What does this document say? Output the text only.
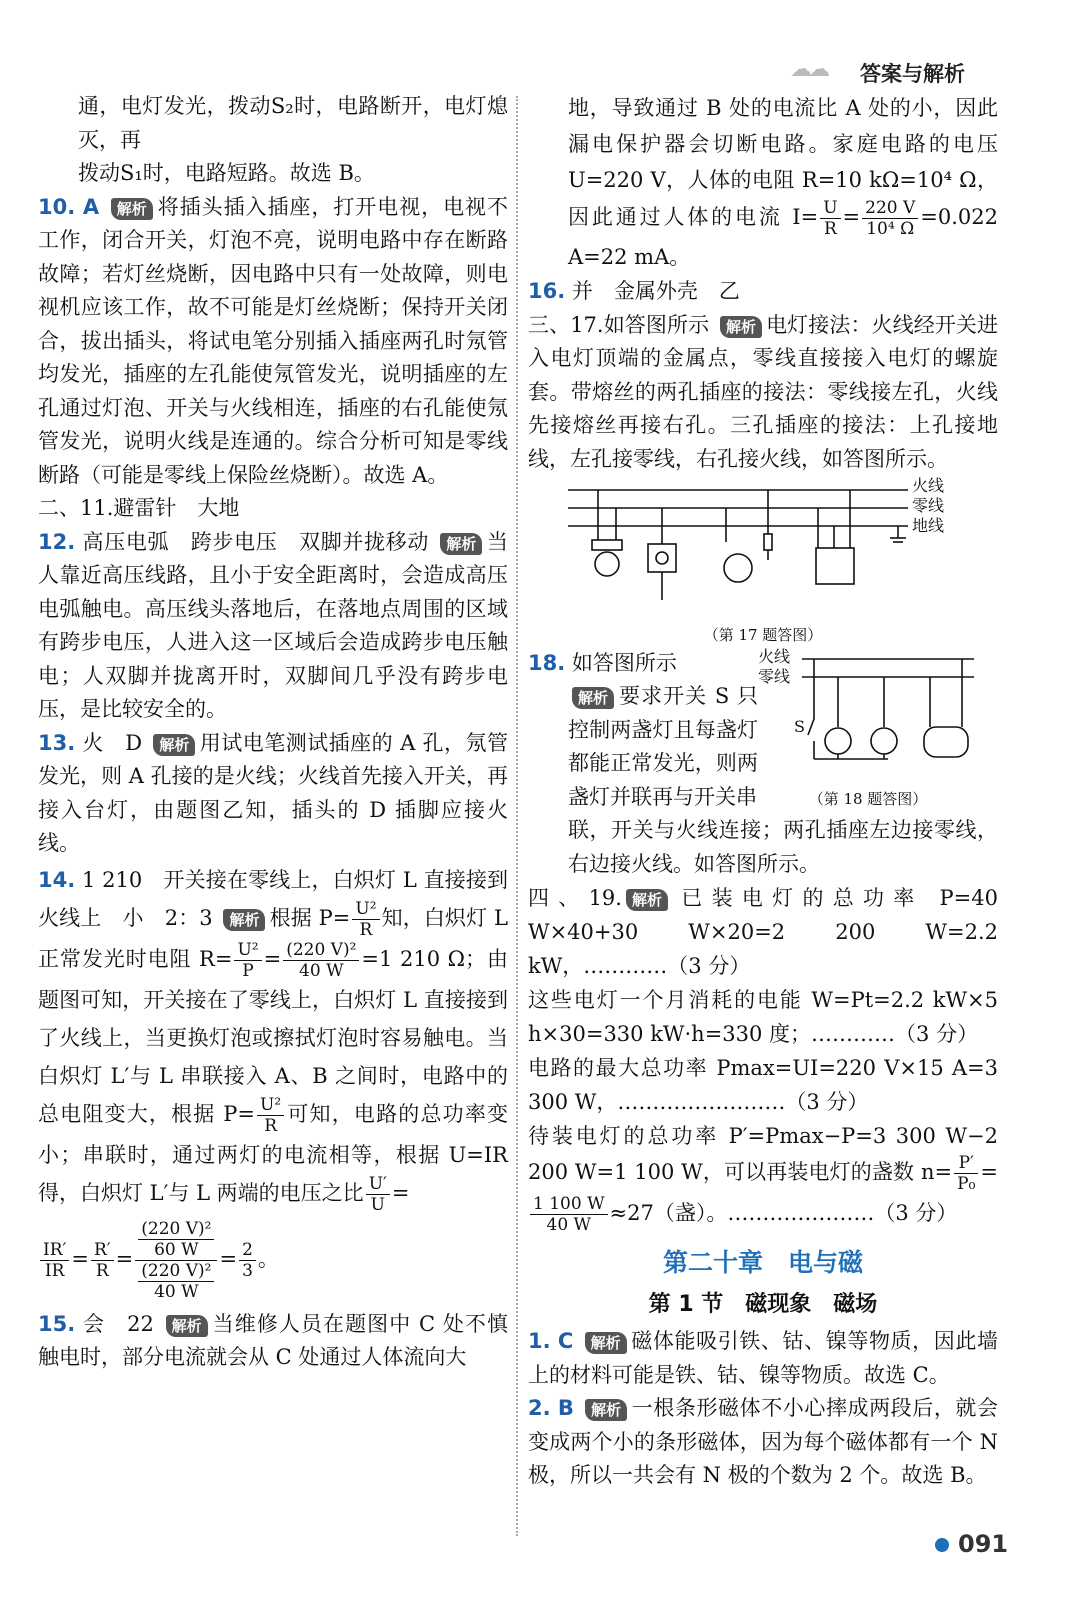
☁☁	答案与解析

通，电灯发光，拨动S₂时，电路断开，电灯熄灭，再
拨动S₁时，电路短路。故选 B。

10. A 解析 将插头插入插座，打开电视，电视不工作，闭合开关，灯泡不亮，说明电路中存在断路故障；若灯丝烧断，因电路中只有一处故障，则电视机应该工作，故不可能是灯丝烧断；保持开关闭合，拔出插头，将试电笔分别插入插座两孔时氖管均发光，插座的左孔能使氖管发光，说明插座的左孔通过灯泡、开关与火线相连，插座的右孔能使氖管发光，说明火线是连通的。综合分析可知是零线断路（可能是零线上保险丝烧断）。故选 A。

二、11.避雷针　大地

12. 高压电弧　跨步电压　双脚并拢移动 解析 当人靠近高压线路，且小于安全距离时，会造成高压电弧触电。高压线头落地后，在落地点周围的区域有跨步电压，人进入这一区域后会造成跨步电压触电；人双脚并拢离开时，双脚间几乎没有跨步电压，是比较安全的。

13. 火　D 解析 用试电笔测试插座的 A 孔，氖管发光，则 A 孔接的是火线；火线首先接入开关，再接入台灯，由题图乙知，插头的 D 插脚应接火线。

14. 1 210　开关接在零线上，白炽灯 L 直接接到火线上　小　2：3 解析 根据 $P= \frac{\text{U²}}{R}$ 知，白炽灯 L 正常发光时电阻 $R= \frac{\text{U²}}{P} = \frac{\text{(220 V)²}}{40 W} =1$ 210 Ω；由题图可知，开关接在了零线上，白炽灯 L 直接接到了火线上，当更换灯泡或擦拭灯泡时容易触电。当白炽灯 L′与 L 串联接入 A、B 之间时，电路中的总电阻变大，根据 $P= \frac{\text{U²}}{R}$ 可知，电路的总功率变小；串联时，通过两灯的电流相等，根据 U=IR 得，白炽灯 L′与 L 两端的电压之比 $\frac{U'}{U}$ =

$\frac{IR'}{IR} = \frac{R'}{R} = \frac{\frac{\text{(220 V)²}}{60 W}}{\frac{\text{(220 V)²}}{40 W}} = \frac{2}{3}$ 。

15. 会　22 解析 当维修人员在题图中 C 处不慎触电时，部分电流就会从 C 处通过人体流向大

地，导致通过 B 处的电流比 A 处的小，因此漏电保护器会切断电路。家庭电路的电压 U=220 V，人体的电阻 R=10 kΩ=10⁴ Ω，因此通过人体的电流 $I= \frac{U}{R} = \frac{220 V}{\text{10⁴ Ω}} =0.022$ A=22 mA。

16. 并　金属外壳　乙

三、17.如答图所示 解析 电灯接法：火线经开关进入电灯顶端的金属点，零线直接接入电灯的螺旋套。带熔丝的两孔插座的接法：零线接左孔，火线先接熔丝再接右孔。三孔插座的接法：上孔接地线，左孔接零线，右孔接火线，如答图所示。

火线
零线
地线
（第 17 题答图）

18. 如答图所示

解析 要求开关 S 只控制两盏灯且每盏灯都能正常发光，则两盏灯并联再与开关串

火线
零线
S
（第 18 题答图）

联，开关与火线连接；两孔插座左边接零线，右边接火线。如答图所示。

四、19. 解析 已装电灯的总功率 P=40 W×40+30 W×20=2 200 W=2.2 kW，…………（3 分）
这些电灯一个月消耗的电能 W=Pt=2.2 kW×5 h×30=330 kW·h=330 度；…………（3 分）
电路的最大总功率 Pmax=UI=220 V×15 A=3 300 W，……………………（3 分）
待装电灯的总功率 P′=Pmax−P=3 300 W−2 200 W=1 100 W，可以再装电灯的盏数 $n= \frac{P'}{\text{P₀}}$ =
$\frac{1 100 W}{40 W} \approx 27$（盏）。…………………（3 分）

第二十章　电与磁
第 1 节　磁现象　磁场

1. C 解析 磁体能吸引铁、钴、镍等物质，因此墙上的材料可能是铁、钴、镍等物质。故选 C。

2. B 解析 一根条形磁体不小心摔成两段后，就会变成两个小的条形磁体，因为每个磁体都有一个 N 极，所以一共会有 N 极的个数为 2 个。故选 B。

091
